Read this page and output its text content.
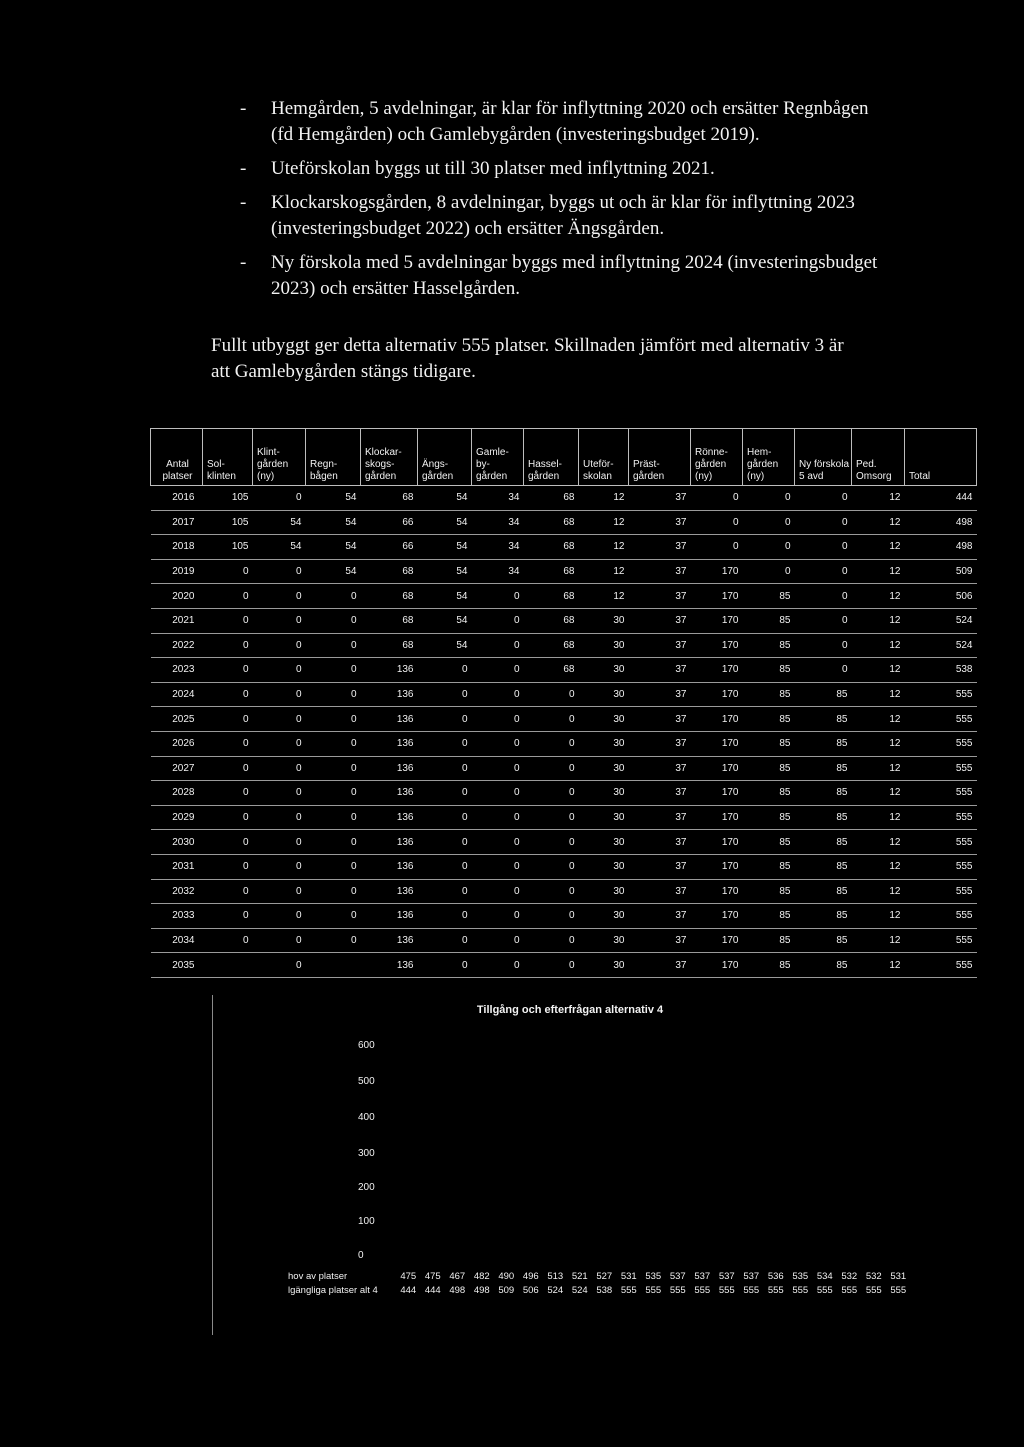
- Hemgården, 5 avdelningar, är klar för inflyttning 2020 och ersätter Regnbågen (fd Hemgården) och Gamlebygården (investeringsbudget 2019).
- Uteförskolan byggs ut till 30 platser med inflyttning 2021.
- Klockarskogsgården, 8 avdelningar, byggs ut och är klar för inflyttning 2023 (investeringsbudget 2022) och ersätter Ängsgården.
- Ny förskola med 5 avdelningar byggs med inflyttning 2024 (investeringsbudget 2023) och ersätter Hasselgården.
Fullt utbyggt ger detta alternativ 555 platser. Skillnaden jämfört med alternativ 3 är att Gamlebygården stängs tidigare.
Antal platser	Sol- klinten	Klint- gården (ny)	Regn- bågen	Klockar- skogs- gården	Ängs- gården	Gamle- by- gården	Hassel- gården	Uteför- skolan	Präst- gården	Rönne- gården (ny)	Hem- gården (ny)	Ny förskola 5 avd	Ped. Omsorg	Total
2016	105	0	54	68	54	34	68	12	37	0	0	0	12	444
2017	105	54	54	66	54	34	68	12	37	0	0	0	12	498
2018	105	54	54	66	54	34	68	12	37	0	0	0	12	498
2019	0	0	54	68	54	34	68	12	37	170	0	0	12	509
2020	0	0	0	68	54	0	68	12	37	170	85	0	12	506
2021	0	0	0	68	54	0	68	30	37	170	85	0	12	524
2022	0	0	0	68	54	0	68	30	37	170	85	0	12	524
2023	0	0	0	136	0	0	68	30	37	170	85	0	12	538
2024	0	0	0	136	0	0	0	30	37	170	85	85	12	555
2025	0	0	0	136	0	0	0	30	37	170	85	85	12	555
2026	0	0	0	136	0	0	0	30	37	170	85	85	12	555
2027	0	0	0	136	0	0	0	30	37	170	85	85	12	555
2028	0	0	0	136	0	0	0	30	37	170	85	85	12	555
2029	0	0	0	136	0	0	0	30	37	170	85	85	12	555
2030	0	0	0	136	0	0	0	30	37	170	85	85	12	555
2031	0	0	0	136	0	0	0	30	37	170	85	85	12	555
2032	0	0	0	136	0	0	0	30	37	170	85	85	12	555
2033	0	0	0	136	0	0	0	30	37	170	85	85	12	555
2034	0	0	0	136	0	0	0	30	37	170	85	85	12	555
2035		0		136	0	0	0	30	37	170	85	85	12	555
Tillgång och efterfrågan alternativ 4
600
500
400
300
200
100
0
hov av platser	475 475 467 482 490 496 513 521 527 531 535 537 537 537 537 536 535 534 532 532 531
lgängliga platser alt 4 444 444 498 498 509 506 524 524 538 555 555 555 555 555 555 555 555 555 555 555 555
